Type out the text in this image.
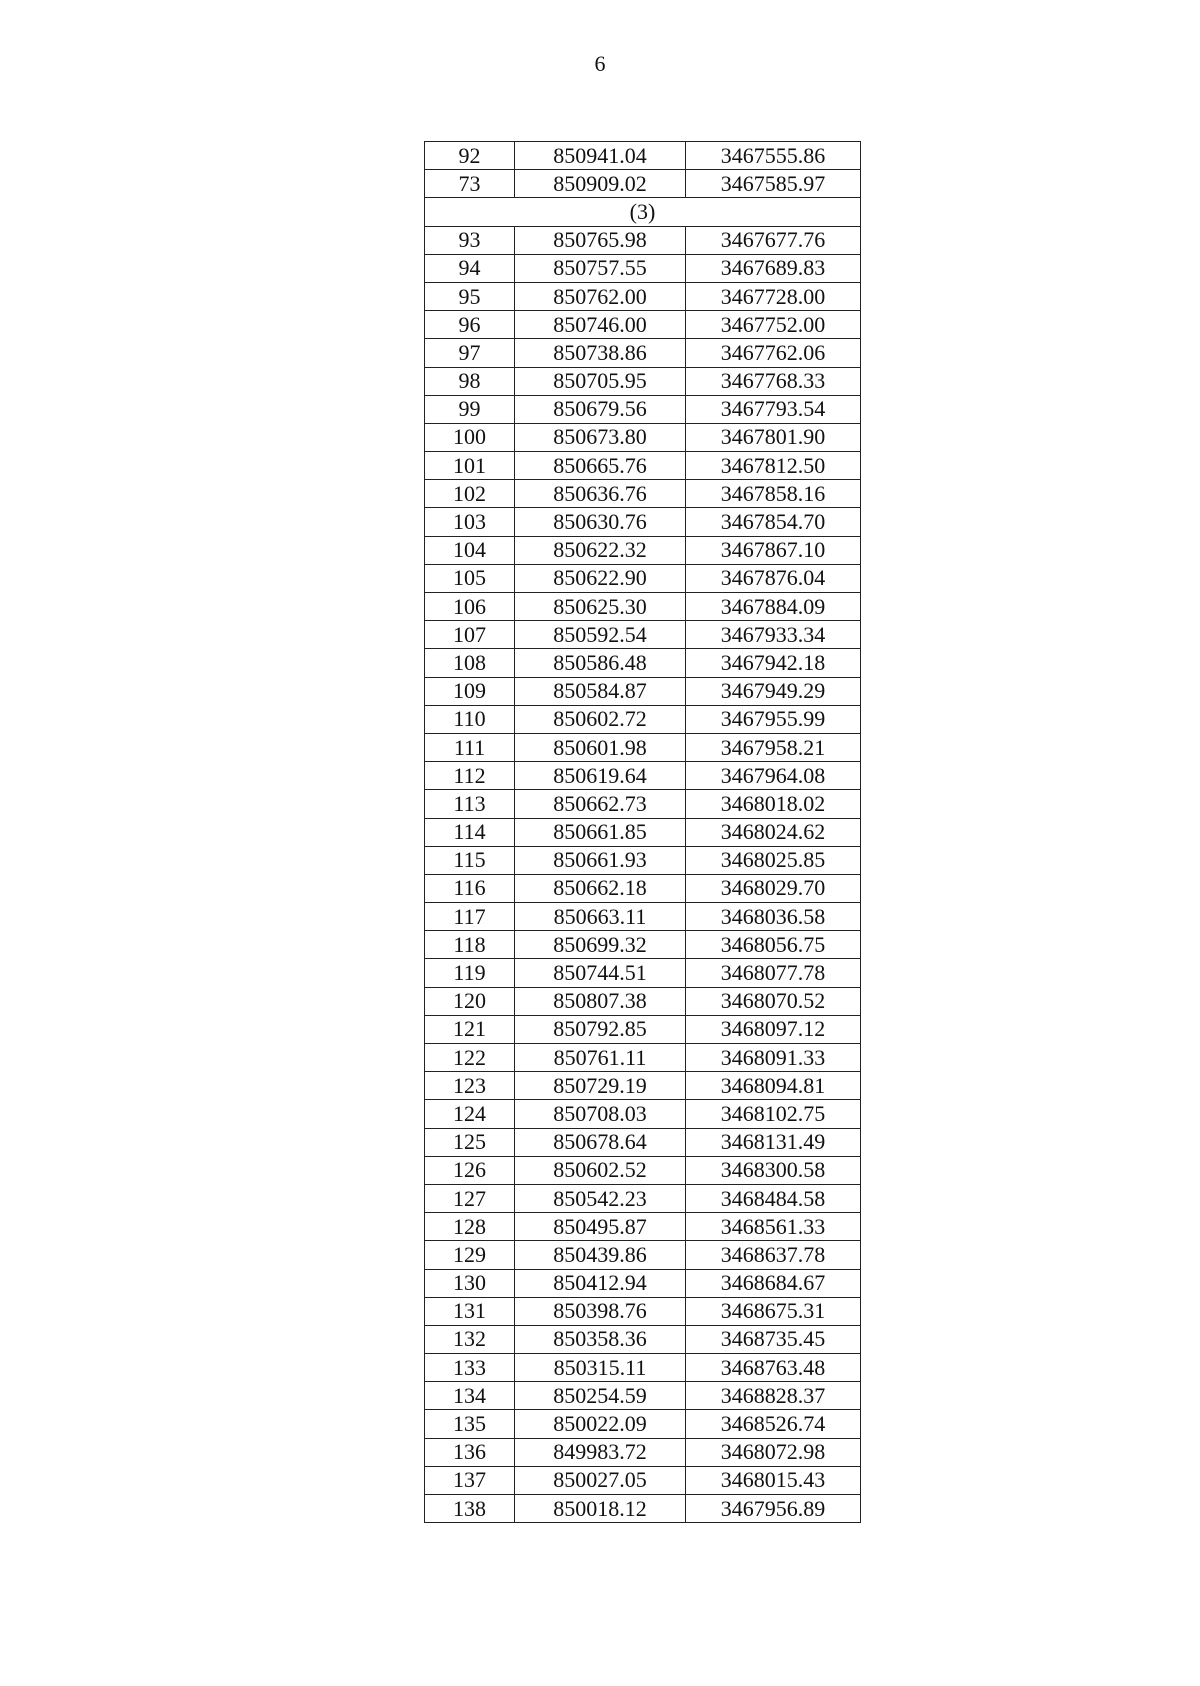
6
92	850941.04	3467555.86
73	850909.02	3467585.97
(3)		
93	850765.98	3467677.76
94	850757.55	3467689.83
95	850762.00	3467728.00
96	850746.00	3467752.00
97	850738.86	3467762.06
98	850705.95	3467768.33
99	850679.56	3467793.54
100	850673.80	3467801.90
101	850665.76	3467812.50
102	850636.76	3467858.16
103	850630.76	3467854.70
104	850622.32	3467867.10
105	850622.90	3467876.04
106	850625.30	3467884.09
107	850592.54	3467933.34
108	850586.48	3467942.18
109	850584.87	3467949.29
110	850602.72	3467955.99
111	850601.98	3467958.21
112	850619.64	3467964.08
113	850662.73	3468018.02
114	850661.85	3468024.62
115	850661.93	3468025.85
116	850662.18	3468029.70
117	850663.11	3468036.58
118	850699.32	3468056.75
119	850744.51	3468077.78
120	850807.38	3468070.52
121	850792.85	3468097.12
122	850761.11	3468091.33
123	850729.19	3468094.81
124	850708.03	3468102.75
125	850678.64	3468131.49
126	850602.52	3468300.58
127	850542.23	3468484.58
128	850495.87	3468561.33
129	850439.86	3468637.78
130	850412.94	3468684.67
131	850398.76	3468675.31
132	850358.36	3468735.45
133	850315.11	3468763.48
134	850254.59	3468828.37
135	850022.09	3468526.74
136	849983.72	3468072.98
137	850027.05	3468015.43
138	850018.12	3467956.89
